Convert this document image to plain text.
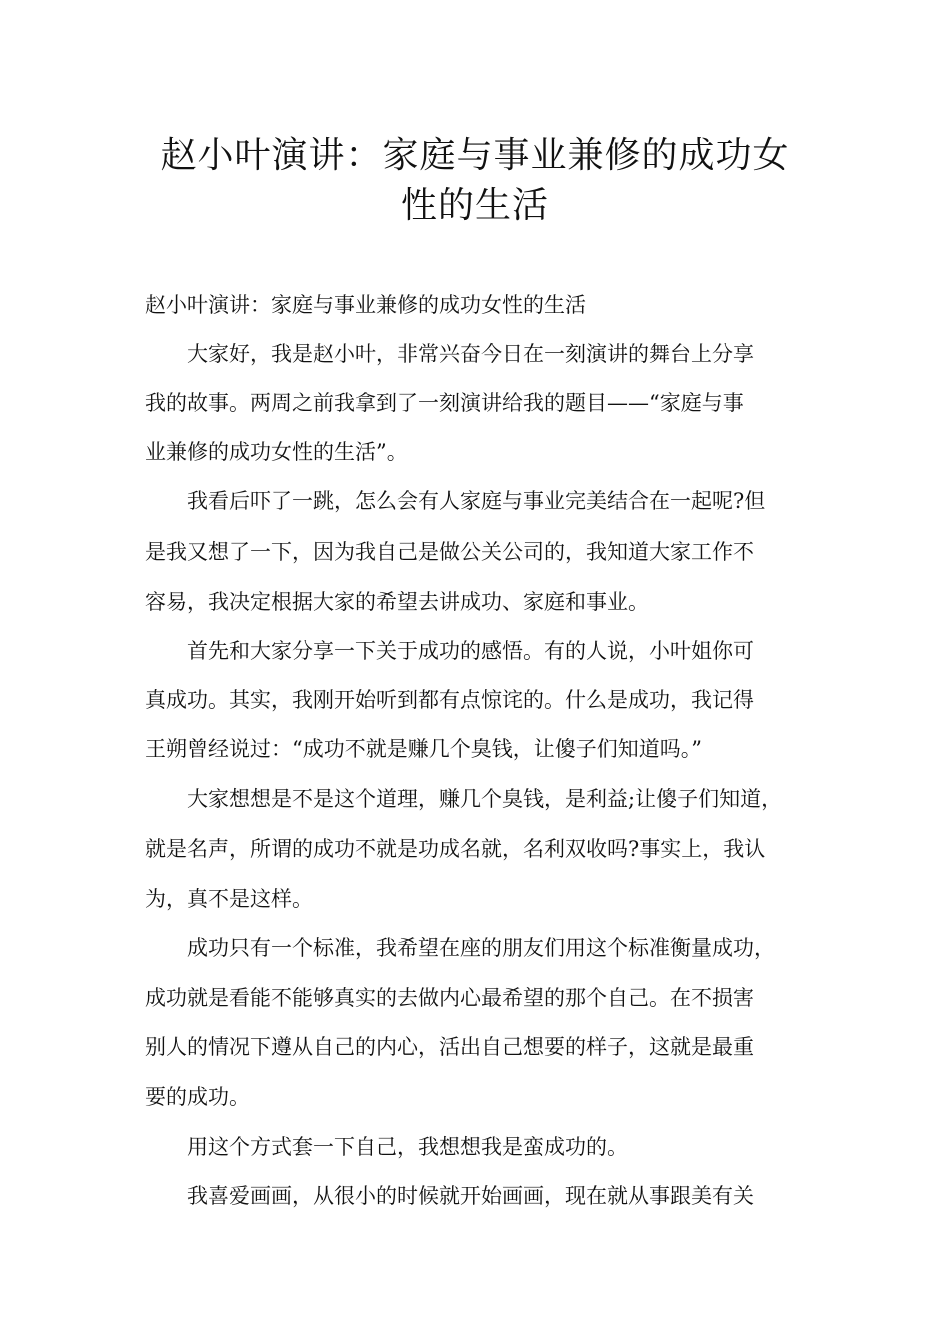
赵小叶演讲：家庭与事业兼修的成功女
性的生活

赵小叶演讲：家庭与事业兼修的成功女性的生活

　　大家好，我是赵小叶，非常兴奋今日在一刻演讲的舞台上分享

我的故事。两周之前我拿到了一刻演讲给我的题目——“家庭与事

业兼修的成功女性的生活”。

　　我看后吓了一跳，怎么会有人家庭与事业完美结合在一起呢?但

是我又想了一下，因为我自己是做公关公司的，我知道大家工作不

容易，我决定根据大家的希望去讲成功、家庭和事业。

　　首先和大家分享一下关于成功的感悟。有的人说，小叶姐你可

真成功。其实，我刚开始听到都有点惊诧的。什么是成功，我记得

王朔曾经说过：“成功不就是赚几个臭钱，让傻子们知道吗。”

　　大家想想是不是这个道理，赚几个臭钱，是利益;让傻子们知道，

就是名声，所谓的成功不就是功成名就，名利双收吗?事实上，我认

为，真不是这样。

　　成功只有一个标准，我希望在座的朋友们用这个标准衡量成功，

成功就是看能不能够真实的去做内心最希望的那个自己。在不损害

别人的情况下遵从自己的内心，活出自己想要的样子，这就是最重

要的成功。

　　用这个方式套一下自己，我想想我是蛮成功的。

　　我喜爱画画，从很小的时候就开始画画，现在就从事跟美有关
